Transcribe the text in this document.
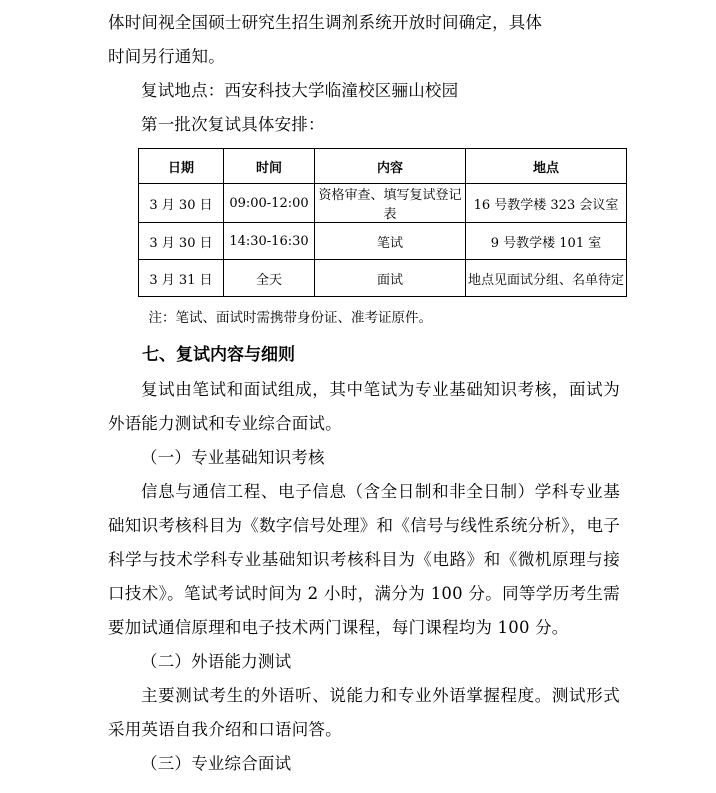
体时间视全国硕士研究生招生调剂系统开放时间确定，具体

时间另行通知。

复试地点：西安科技大学临潼校区骊山校园

第一批次复试具体安排：

日期	时间	内容	地点
3 月 30 日	09:00-12:00	资格审查、填写复试登记表	16 号教学楼 323 会议室
3 月 30 日	14:30-16:30	笔试	9 号教学楼 101 室
3 月 31 日	全天	面试	地点见面试分组、名单待定

注：笔试、面试时需携带身份证、准考证原件。

七、复试内容与细则

复试由笔试和面试组成，其中笔试为专业基础知识考核，面试为外语能力测试和专业综合面试。

（一）专业基础知识考核

信息与通信工程、电子信息（含全日制和非全日制）学科专业基础知识考核科目为《数字信号处理》和《信号与线性系统分析》，电子科学与技术学科专业基础知识考核科目为《电路》和《微机原理与接口技术》。笔试考试时间为 2 小时，满分为 100 分。同等学历考生需要加试通信原理和电子技术两门课程，每门课程均为 100 分。

（二）外语能力测试

主要测试考生的外语听、说能力和专业外语掌握程度。测试形式采用英语自我介绍和口语问答。

（三）专业综合面试
